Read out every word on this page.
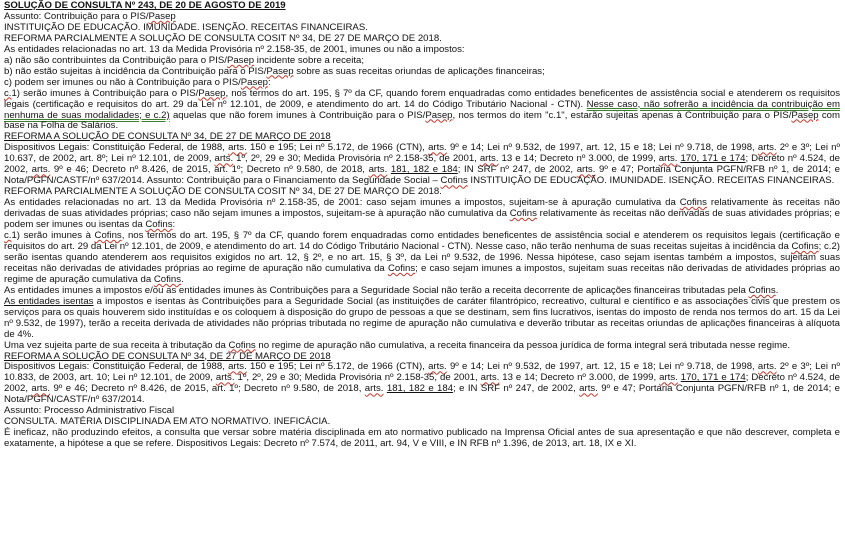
SOLUÇÃO DE CONSULTA Nº 243, DE 20 DE AGOSTO DE 2019

Assunto: Contribuição para o PIS/Pasep

INSTITUIÇÃO DE EDUCAÇÃO. IMUNIDADE. ISENÇÃO. RECEITAS FINANCEIRAS.

REFORMA PARCIALMENTE A SOLUÇÃO DE CONSULTA COSIT Nº 34, DE 27 DE MARÇO DE 2018.

As entidades relacionadas no art. 13 da Medida Provisória nº 2.158-35, de 2001, imunes ou não a impostos:

a) não são contribuintes da Contribuição para o PIS/Pasep incidente sobre a receita;

b) não estão sujeitas à incidência da Contribuição para o PIS/Pasep sobre as suas receitas oriundas de aplicações financeiras;

c) podem ser imunes ou não à Contribuição para o PIS/Pasep:

c.1) serão imunes à Contribuição para o PIS/Pasep, nos termos do art. 195, § 7º da CF, quando forem enquadradas como entidades beneficentes de assistência social e atenderem os requisitos legais (certificação e requisitos do art. 29 da Lei nº 12.101, de 2009, e atendimento do art. 14 do Código Tributário Nacional - CTN). Nesse caso, não sofrerão a incidência da contribuição em nenhuma de suas modalidades; e c.2) aquelas que não forem imunes à Contribuição para o PIS/Pasep, nos termos do item "c.1", estarão sujeitas apenas à Contribuição para o PIS/Pasep com base na Folha de Salários.

REFORMA A SOLUÇÃO DE CONSULTA Nº 34, DE 27 DE MARÇO DE 2018

Dispositivos Legais: Constituição Federal, de 1988, arts. 150 e 195; Lei nº 5.172, de 1966 (CTN), arts. 9º e 14; Lei nº 9.532, de 1997, art. 12, 15 e 18; Lei nº 9.718, de 1998, arts. 2º e 3º; Lei nº 10.637, de 2002, art. 8º; Lei nº 12.101, de 2009, arts. 1º, 2º, 29 e 30; Medida Provisória nº 2.158-35, de 2001, arts. 13 e 14; Decreto nº 3.000, de 1999, arts. 170, 171 e 174; Decreto nº 4.524, de 2002, arts. 9º e 46; Decreto nº 8.426, de 2015, art. 1º; Decreto nº 9.580, de 2018, arts. 181, 182 e 184; IN SRF nº 247, de 2002, arts. 9º e 47; Portaria Conjunta PGFN/RFB nº 1, de 2014; e Nota/PGFN/CASTF/nº 637/2014. Assunto: Contribuição para o Financiamento da Seguridade Social – Cofins INSTITUIÇÃO DE EDUCAÇÃO. IMUNIDADE. ISENÇÃO. RECEITAS FINANCEIRAS.

REFORMA PARCIALMENTE A SOLUÇÃO DE CONSULTA COSIT Nº 34, DE 27 DE MARÇO DE 2018.

As entidades relacionadas no art. 13 da Medida Provisória nº 2.158-35, de 2001: caso sejam imunes a impostos, sujeitam-se à apuração cumulativa da Cofins relativamente às receitas não derivadas de suas atividades próprias; caso não sejam imunes a impostos, sujeitam-se à apuração não cumulativa da Cofins relativamente às receitas não derivadas de suas atividades próprias; e podem ser imunes ou isentas da Cofins:

c.1) serão imunes à Cofins, nos termos do art. 195, § 7º da CF, quando forem enquadradas como entidades beneficentes de assistência social e atenderem os requisitos legais (certificação e requisitos do art. 29 da Lei nº 12.101, de 2009, e atendimento do art. 14 do Código Tributário Nacional - CTN). Nesse caso, não terão nenhuma de suas receitas sujeitas à incidência da Cofins; c.2) serão isentas quando atenderem aos requisitos exigidos no art. 12, § 2º, e no art. 15, § 3º, da Lei nº 9.532, de 1996. Nessa hipótese, caso sejam isentas também a impostos, sujeitam suas receitas não derivadas de atividades próprias ao regime de apuração não cumulativa da Cofins; e caso sejam imunes a impostos, sujeitam suas receitas não derivadas de atividades próprias ao regime de apuração cumulativa da Cofins.

As entidades imunes a impostos e/ou as entidades imunes às Contribuições para a Seguridade Social não terão a receita decorrente de aplicações financeiras tributadas pela Cofins.

As entidades isentas a impostos e isentas às Contribuições para a Seguridade Social (as instituições de caráter filantrópico, recreativo, cultural e científico e as associações civis que prestem os serviços para os quais houverem sido instituídas e os coloquem à disposição do grupo de pessoas a que se destinam, sem fins lucrativos, isentas do imposto de renda nos termos do art. 15 da Lei nº 9.532, de 1997), terão a receita derivada de atividades não próprias tributada no regime de apuração não cumulativa e deverão tributar as receitas oriundas de aplicações financeiras à alíquota de 4%.

Uma vez sujeita parte de sua receita à tributação da Cofins no regime de apuração não cumulativa, a receita financeira da pessoa jurídica de forma integral será tributada nesse regime.

REFORMA A SOLUÇÃO DE CONSULTA Nº 34, DE 27 DE MARÇO DE 2018

Dispositivos Legais: Constituição Federal, de 1988, arts. 150 e 195; Lei nº 5.172, de 1966 (CTN), arts. 9º e 14; Lei nº 9.532, de 1997, art. 12, 15 e 18; Lei nº 9.718, de 1998, arts. 2º e 3º; Lei nº 10.833, de 2003, art. 10; Lei nº 12.101, de 2009, arts. 1º, 2º, 29 e 30; Medida Provisória nº 2.158-35, de 2001, arts. 13 e 14; Decreto nº 3.000, de 1999, arts. 170, 171 e 174; Decreto nº 4.524, de 2002, arts. 9º e 46; Decreto nº 8.426, de 2015, art. 1º; Decreto nº 9.580, de 2018, arts. 181, 182 e 184; e IN SRF nº 247, de 2002, arts. 9º e 47; Portaria Conjunta PGFN/RFB nº 1, de 2014; e Nota/PGFN/CASTF/nº 637/2014.

Assunto: Processo Administrativo Fiscal

CONSULTA. MATÉRIA DISCIPLINADA EM ATO NORMATIVO. INEFICÁCIA.

É ineficaz, não produzindo efeitos, a consulta que versar sobre matéria disciplinada em ato normativo publicado na Imprensa Oficial antes de sua apresentação e que não descrever, completa e exatamente, a hipótese a que se refere. Dispositivos Legais: Decreto nº 7.574, de 2011, art. 94, V e VIII, e IN RFB nº 1.396, de 2013, art. 18, IX e XI.
